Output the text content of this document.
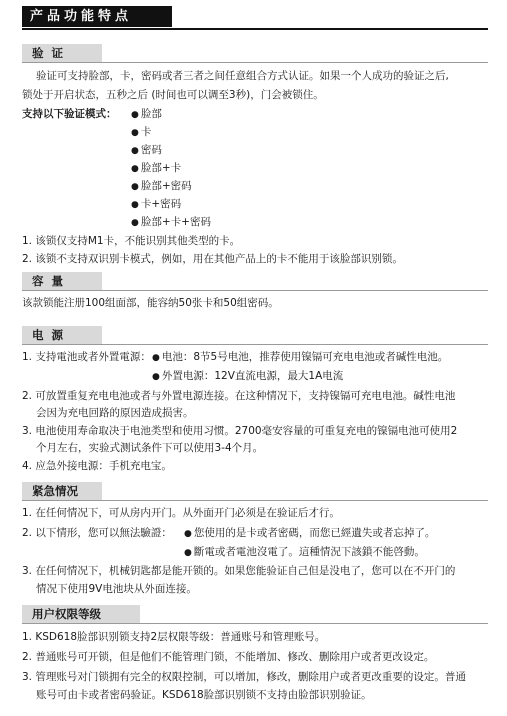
产品功能特点
验 证
验证可支持脸部，卡，密码或者三者之间任意组合方式认证。如果一个人成功的验证之后,
锁处于开启状态，五秒之后 (时间也可以调至3秒)，门会被锁住。
支持以下验证模式：	● 脸部
● 卡
● 密码
● 脸部+卡
● 脸部+密码
● 卡+密码
● 脸部+卡+密码
1. 该锁仅支持M1卡，不能识别其他类型的卡。
2. 该锁不支持双识别卡模式，例如，用在其他产品上的卡不能用于该脸部识别锁。
容 量
该款锁能注册100组面部，能容纳50张卡和50组密码。
电 源
1. 支持電池或者外置電源： ● 电池：8节5号电池，推荐使用镍镉可充电电池或者碱性电池。
● 外置电源：12V直流电源，最大1A电流
2. 可放置重复充电电池或者与外置电源连接。在这种情况下，支持镍镉可充电电池。碱性电池
会因为充电回路的原因造成损害。
3. 电池使用寿命取决于电池类型和使用习惯。2700毫安容量的可重复充电的镍镉电池可使用2
个月左右，实验式测试条件下可以使用3-4个月。
4. 应急外接电源：手机充电宝。
紧急情况
1. 在任何情况下，可从房内开门。从外面开门必须是在验证后才行。
2. 以下情形，您可以無法驗證：	● 您使用的是卡或者密碼，而您已經遺失或者忘掉了。
● 斷電或者電池沒電了。這種情況下該鎖不能啓動。
3. 在任何情况下，机械钥匙都是能开锁的。如果您能验证自己但是没电了，您可以在不开门的
情况下使用9V电池块从外面连接。
用户权限等级
1. KSD618脸部识别锁支持2层权限等级：普通账号和管理账号。
2. 普通账号可开锁，但是他们不能管理门锁，不能增加、修改、删除用户或者更改设定。
3. 管理账号对门锁拥有完全的权限控制，可以增加，修改，删除用户或者更改重要的设定。普通
账号可由卡或者密码验证。KSD618脸部识别锁不支持由脸部识别验证。
